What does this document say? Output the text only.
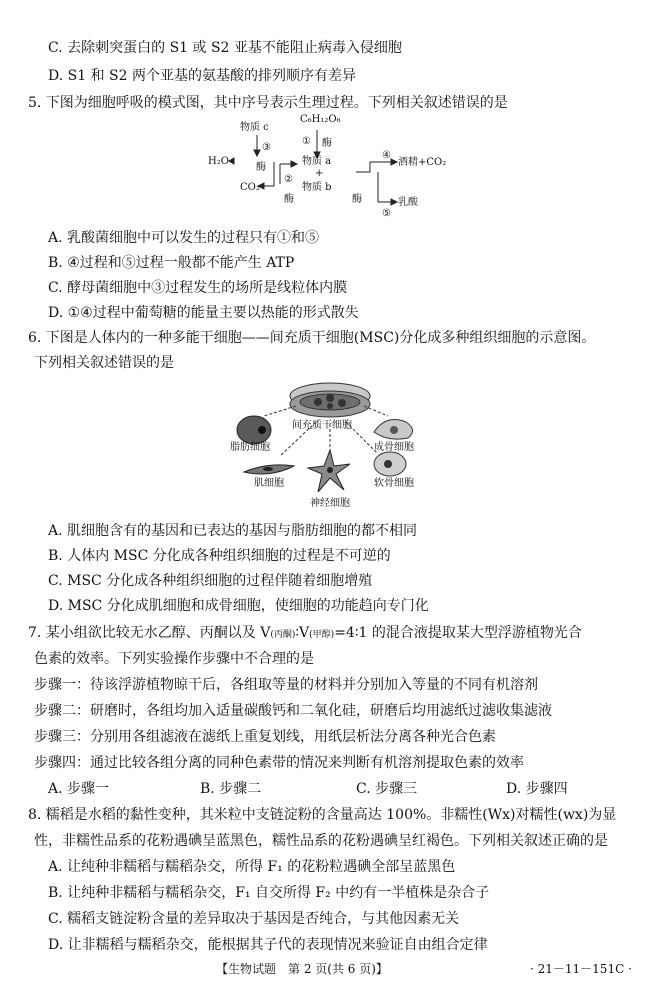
C. 去除刺突蛋白的 S1 或 S2 亚基不能阻止病毒入侵细胞
D. S1 和 S2 两个亚基的氨基酸的排列顺序有差异
5. 下图为细胞呼吸的模式图，其中序号表示生理过程。下列相关叙述错误的是
C₆H₁₂O₆
物质 c
① 酶
③
酶
H₂O	物质 a
+
物质 b
②
CO₂
酶	酶
④
酒精+CO₂
乳酸
⑤
A. 乳酸菌细胞中可以发生的过程只有①和⑤
B. ④过程和⑤过程一般都不能产生 ATP
C. 酵母菌细胞中③过程发生的场所是线粒体内膜
D. ①④过程中葡萄糖的能量主要以热能的形式散失
6. 下图是人体内的一种多能干细胞——间充质干细胞(MSC)分化成多种组织细胞的示意图。
下列相关叙述错误的是
间充质干细胞
脂肪细胞	成骨细胞
肌细胞	软骨细胞
神经细胞
A. 肌细胞含有的基因和已表达的基因与脂肪细胞的都不相同
B. 人体内 MSC 分化成各种组织细胞的过程是不可逆的
C. MSC 分化成各种组织细胞的过程伴随着细胞增殖
D. MSC 分化成肌细胞和成骨细胞，使细胞的功能趋向专门化
7. 某小组欲比较无水乙醇、丙酮以及 V(丙酮)∶V(甲醇)=4∶1 的混合液提取某大型浮游植物光合
色素的效率。下列实验操作步骤中不合理的是
步骤一：待该浮游植物晾干后，各组取等量的材料并分别加入等量的不同有机溶剂
步骤二：研磨时，各组均加入适量碳酸钙和二氧化硅，研磨后均用滤纸过滤收集滤液
步骤三：分别用各组滤液在滤纸上重复划线，用纸层析法分离各种光合色素
步骤四：通过比较各组分离的同种色素带的情况来判断有机溶剂提取色素的效率
A. 步骤一	B. 步骤二	C. 步骤三	D. 步骤四
8. 糯稻是水稻的黏性变种，其米粒中支链淀粉的含量高达 100%。非糯性(Wx)对糯性(wx)为显
性，非糯性品系的花粉遇碘呈蓝黑色，糯性品系的花粉遇碘呈红褐色。下列相关叙述正确的是
A. 让纯种非糯稻与糯稻杂交，所得 F₁ 的花粉粒遇碘全部呈蓝黑色
B. 让纯种非糯稻与糯稻杂交，F₁ 自交所得 F₂ 中约有一半植株是杂合子
C. 糯稻支链淀粉含量的差异取决于基因是否纯合，与其他因素无关
D. 让非糯稻与糯稻杂交，能根据其子代的表现情况来验证自由组合定律
【生物试题　第 2 页(共 6 页)】	· 21－11－151C ·
